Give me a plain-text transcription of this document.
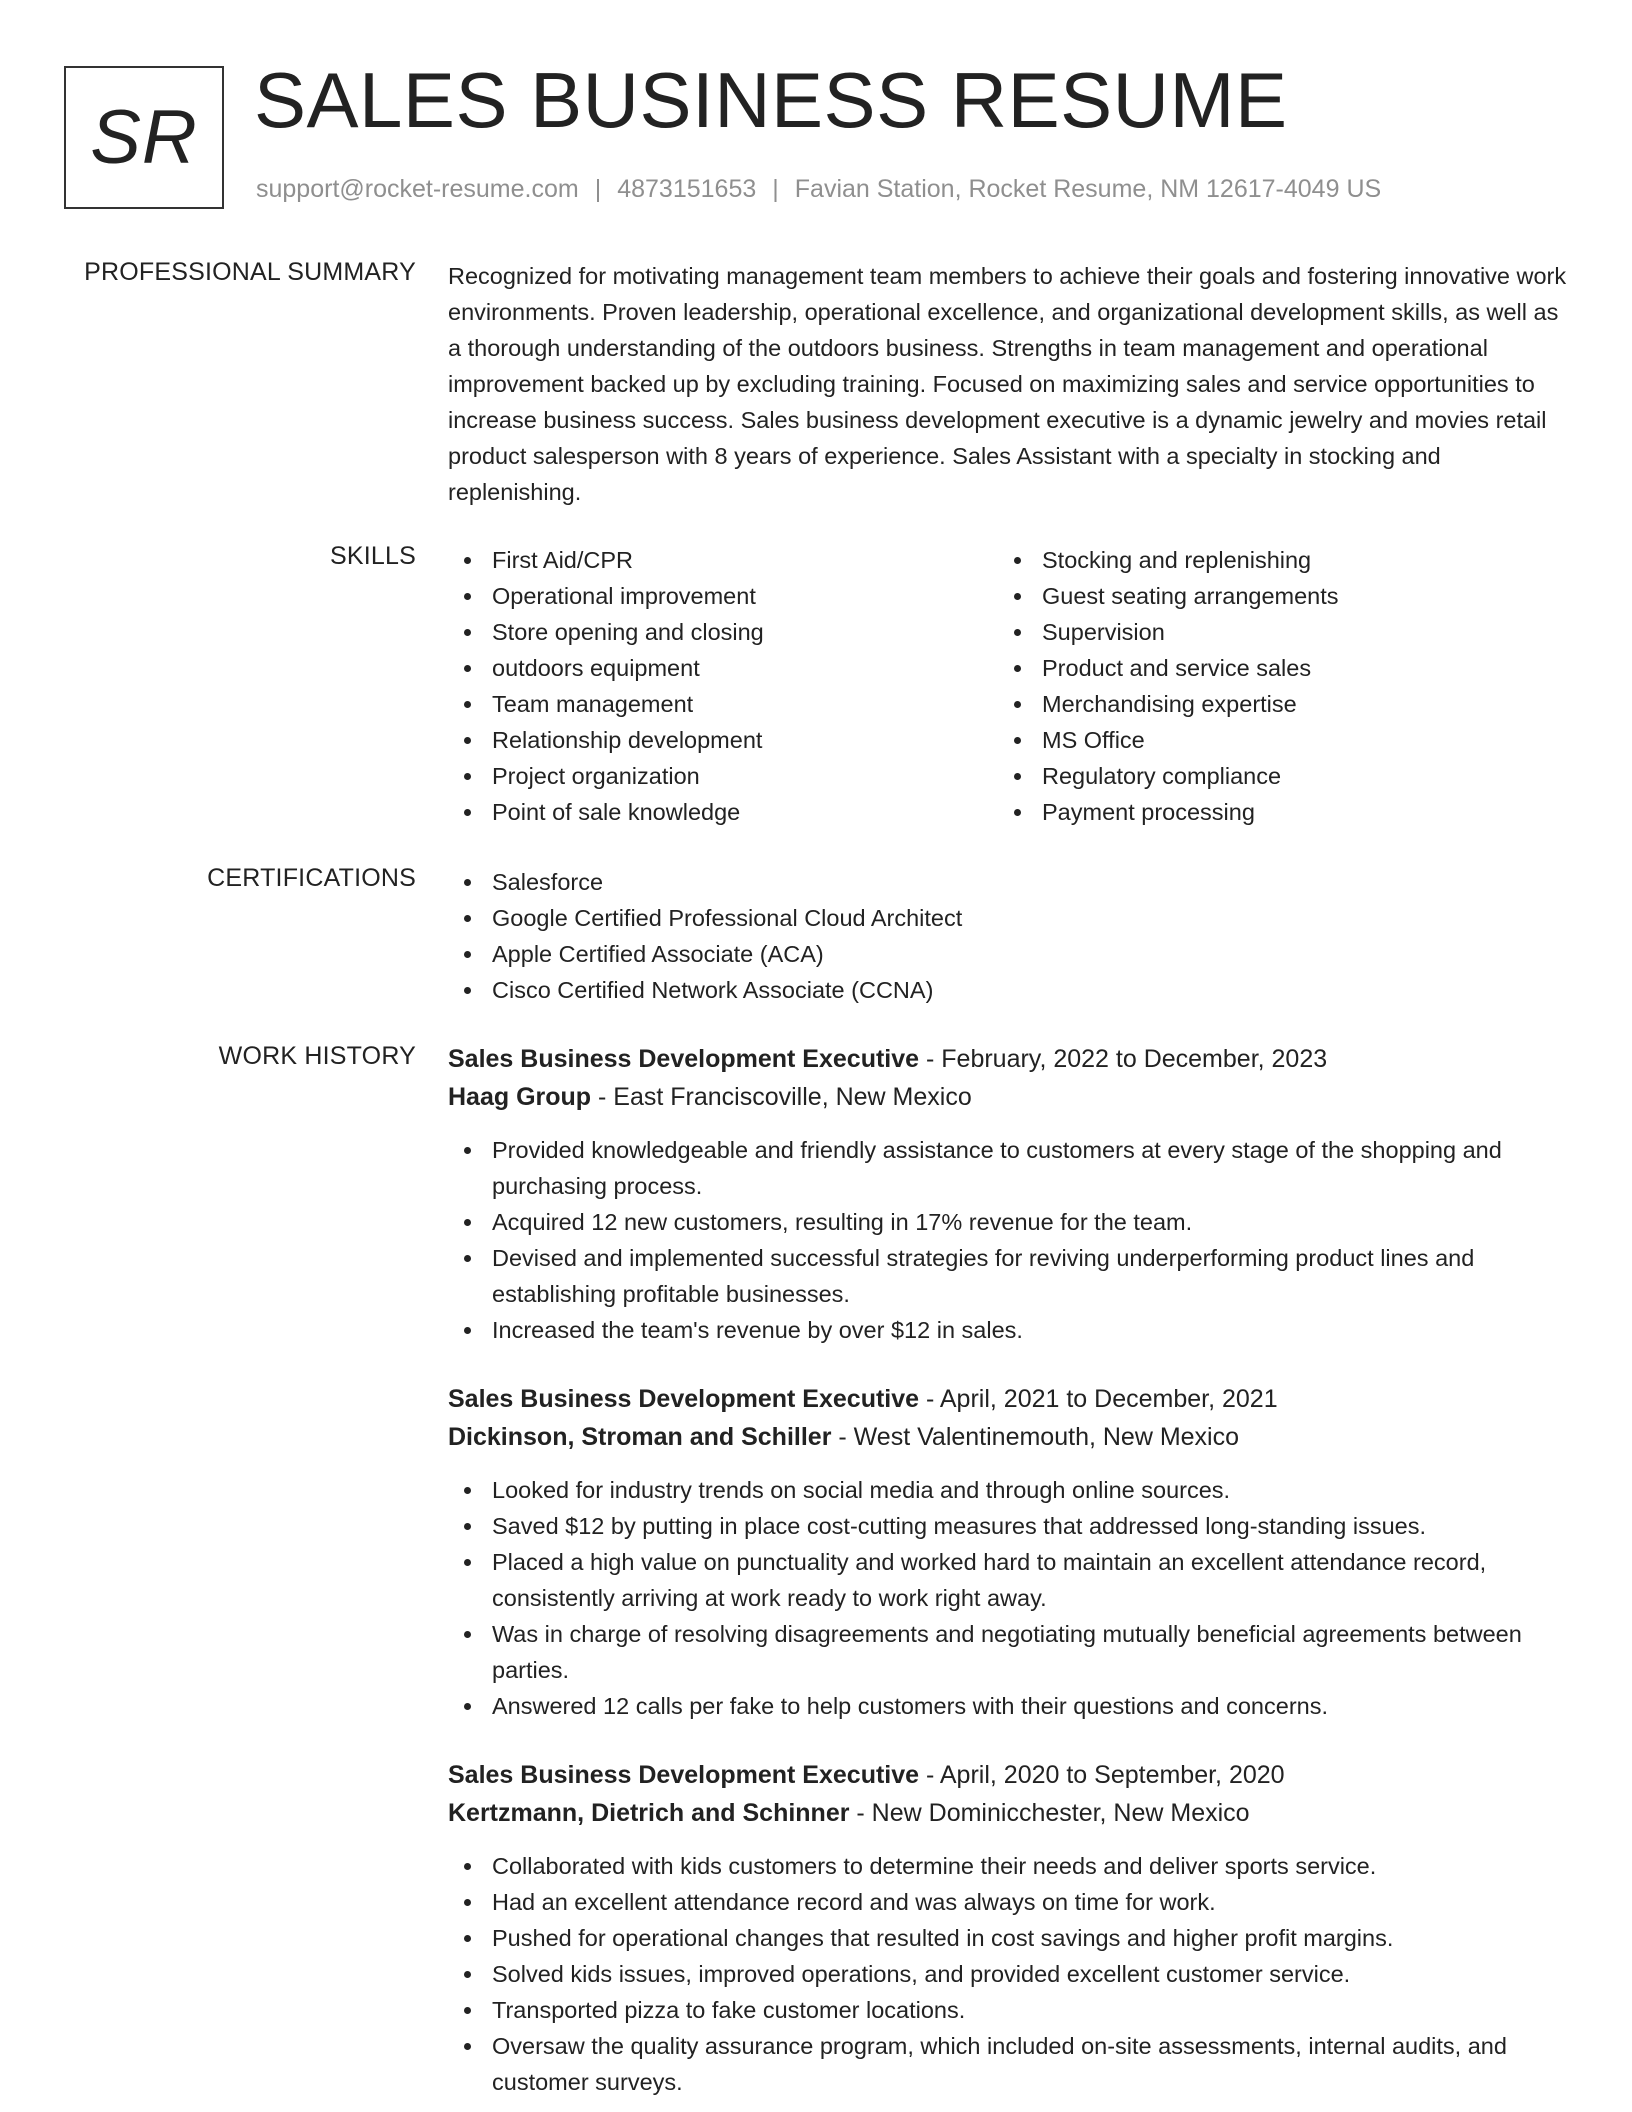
SR SALES BUSINESS RESUME
support@rocket-resume.com | 4873151653 | Favian Station, Rocket Resume, NM 12617-4049 US
PROFESSIONAL SUMMARY Recognized for motivating management team members to achieve their goals and fostering innovative work environments. Proven leadership, operational excellence, and organizational development skills, as well as a thorough understanding of the outdoors business. Strengths in team management and operational improvement backed up by excluding training. Focused on maximizing sales and service opportunities to increase business success. Sales business development executive is a dynamic jewelry and movies retail product salesperson with 8 years of experience. Sales Assistant with a specialty in stocking and replenishing.
SKILLS	First Aid/CPR
Operational improvement
Store opening and closing
outdoors equipment
Team management
Relationship development
Project organization
Point of sale knowledge
Stocking and replenishing
Guest seating arrangements
Supervision
Product and service sales
Merchandising expertise
MS Office
Regulatory compliance
Payment processing
CERTIFICATIONS	Salesforce
Google Certified Professional Cloud Architect
Apple Certified Associate (ACA)
Cisco Certified Network Associate (CCNA)
WORK HISTORY Sales Business Development Executive - February, 2022 to December, 2023
Haag Group - East Franciscoville, New Mexico
Provided knowledgeable and friendly assistance to customers at every stage of the shopping and purchasing process.
Acquired 12 new customers, resulting in 17% revenue for the team.
Devised and implemented successful strategies for reviving underperforming product lines and establishing profitable businesses.
Increased the team's revenue by over $12 in sales.
Sales Business Development Executive - April, 2021 to December, 2021
Dickinson, Stroman and Schiller - West Valentinemouth, New Mexico
Looked for industry trends on social media and through online sources.
Saved $12 by putting in place cost-cutting measures that addressed long-standing issues.
Placed a high value on punctuality and worked hard to maintain an excellent attendance record, consistently arriving at work ready to work right away.
Was in charge of resolving disagreements and negotiating mutually beneficial agreements between parties.
Answered 12 calls per fake to help customers with their questions and concerns.
Sales Business Development Executive - April, 2020 to September, 2020
Kertzmann, Dietrich and Schinner - New Dominicchester, New Mexico
Collaborated with kids customers to determine their needs and deliver sports service.
Had an excellent attendance record and was always on time for work.
Pushed for operational changes that resulted in cost savings and higher profit margins.
Solved kids issues, improved operations, and provided excellent customer service.
Transported pizza to fake customer locations.
Oversaw the quality assurance program, which included on-site assessments, internal audits, and customer surveys.
